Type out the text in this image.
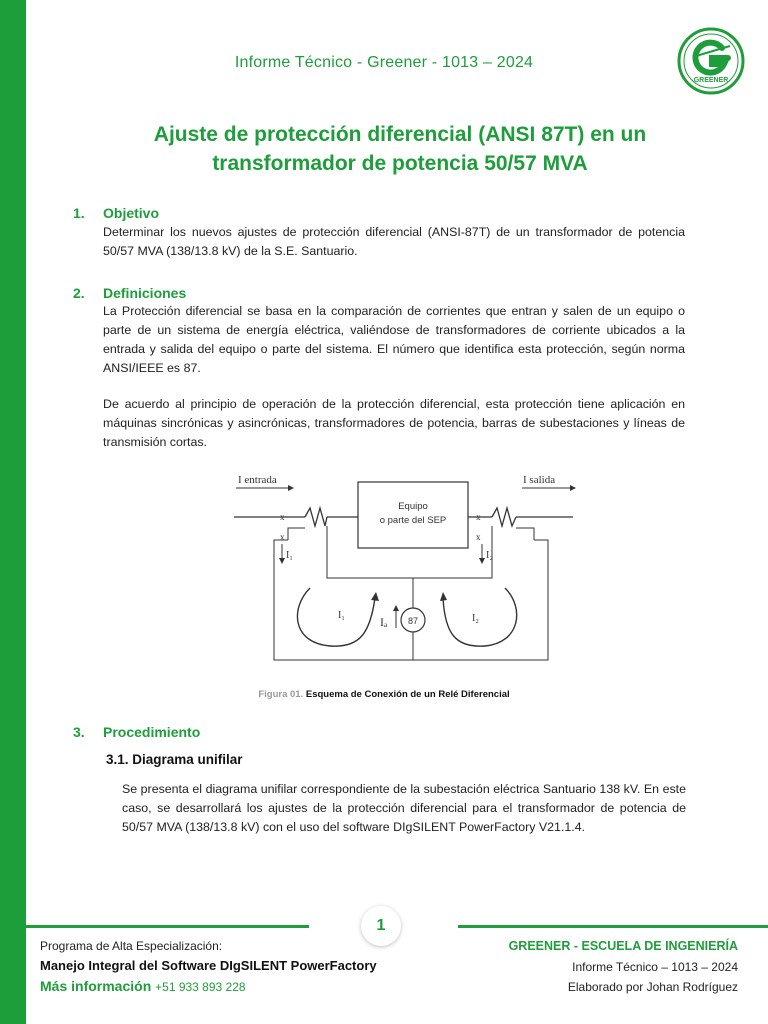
Informe Técnico - Greener - 1013 – 2024
GREENER
Ajuste de protección diferencial (ANSI 87T) en un
transformador de potencia 50/57 MVA
1. Objetivo
Determinar los nuevos ajustes de protección diferencial (ANSI-87T) de un transformador de potencia 50/57 MVA (138/13.8 kV) de la S.E. Santuario.
2. Definiciones
La Protección diferencial se basa en la comparación de corrientes que entran y salen de un equipo o parte de un sistema de energía eléctrica, valiéndose de transformadores de corriente ubicados a la entrada y salida del equipo o parte del sistema. El número que identifica esta protección, según norma ANSI/IEEE es 87.
De acuerdo al principio de operación de la protección diferencial, esta protección tiene aplicación en máquinas sincrónicas y asincrónicas, transformadores de potencia, barras de subestaciones y líneas de transmisión cortas.
Equipo
o parte del SEP
I entrada	I salida
x
x
x
x
87
Iₐ
I₁	I₂
I₁	I₂
Figura 01. Esquema de Conexión de un Relé Diferencial
3. Procedimiento
3.1. Diagrama unifilar
Se presenta el diagrama unifilar correspondiente de la subestación eléctrica Santuario 138 kV. En este caso, se desarrollará los ajustes de la protección diferencial para el transformador de potencia de 50/57 MVA (138/13.8 kV) con el uso del software DIgSILENT PowerFactory V21.1.4.
1
Programa de Alta Especialización:
Manejo Integral del Software DIgSILENT PowerFactory
Más información +51 933 893 228
GREENER - ESCUELA DE INGENIERÍA
Informe Técnico – 1013 – 2024
Elaborado por Johan Rodríguez
